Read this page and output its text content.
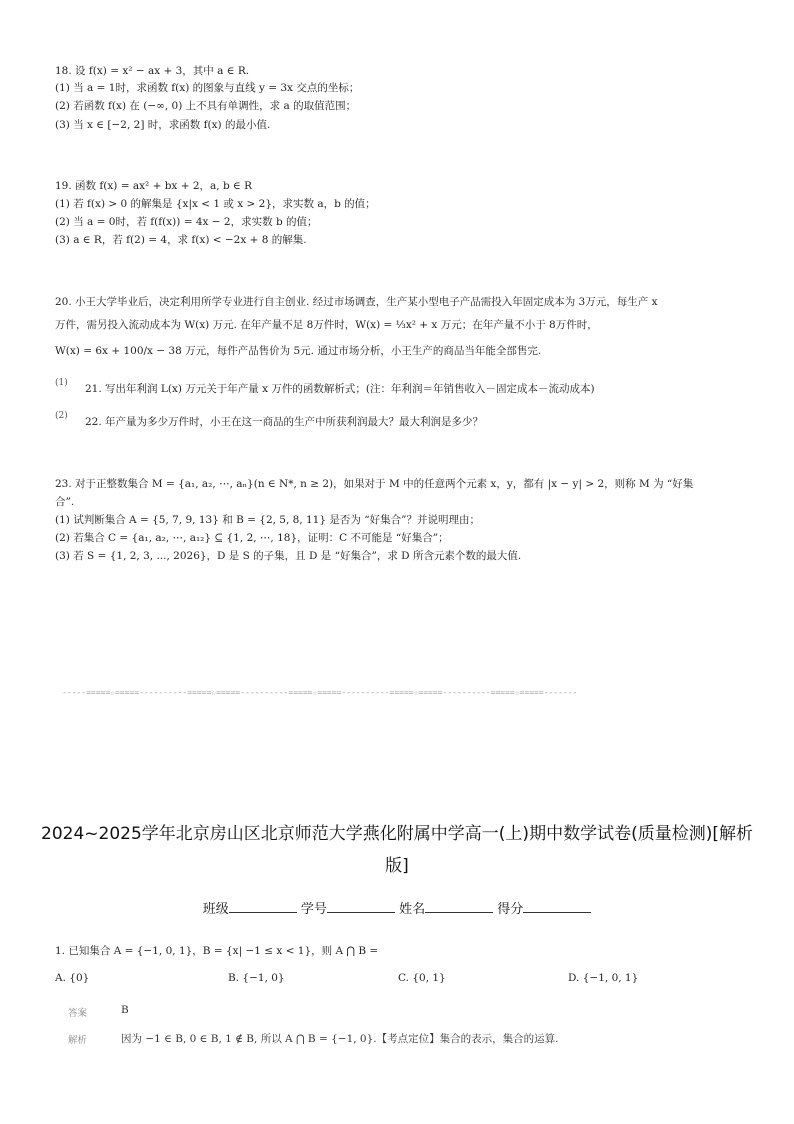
18. 设 f(x) = x² − ax + 3，其中 a ∈ R.
(1) 当 a = 1时，求函数 f(x) 的图象与直线 y = 3x 交点的坐标；
(2) 若函数 f(x) 在 (−∞, 0) 上不具有单调性，求 a 的取值范围；
(3) 当 x ∈ [−2, 2] 时，求函数 f(x) 的最小值.
19. 函数 f(x) = ax² + bx + 2，a, b ∈ R
(1) 若 f(x) > 0 的解集是 {x|x < 1 或 x > 2}，求实数 a，b 的值；
(2) 当 a = 0时，若 f(f(x)) = 4x − 2，求实数 b 的值；
(3) a ∈ R，若 f(2) = 4，求 f(x) < −2x + 8 的解集.
20. 小王大学毕业后，决定利用所学专业进行自主创业. 经过市场调查，生产某小型电子产品需投入年固定成本为 3万元，每生产 x
万件，需另投入流动成本为 W(x) 万元. 在年产量不足 8万件时，W(x) = ⅓x² + x 万元；在年产量不小于 8万件时，
W(x) = 6x + 100/x − 38 万元，每件产品售价为 5元. 通过市场分析，小王生产的商品当年能全部售完.
(1) 21. 写出年利润 L(x) 万元关于年产量 x 万件的函数解析式；(注：年利润＝年销售收入－固定成本－流动成本)
(2) 22. 年产量为多少万件时，小王在这一商品的生产中所获利润最大？最大利润是多少？
23. 对于正整数集合 M = {a₁, a₂, ⋯, aₙ}(n ∈ N*, n ≥ 2)，如果对于 M 中的任意两个元素 x，y，都有 |x − y| > 2，则称 M 为 “好集
合”.
(1) 试判断集合 A = {5, 7, 9, 13} 和 B = {2, 5, 8, 11} 是否为 “好集合”？并说明理由；
(2) 若集合 C = {a₁, a₂, ⋯, a₁₂} ⊆ {1, 2, ⋯, 18}，证明：C 不可能是 “好集合”；
(3) 若 S = {1, 2, 3, ..., 2026}，D 是 S 的子集，且 D 是 “好集合”，求 D 所含元素个数的最大值.
-----=====☆=====----------=====☆=====----------=====☆=====----------=====☆=====----------=====☆=====-------
2024~2025学年北京房山区北京师范大学燕化附属中学高一(上)期中数学试卷(质量检测)[解析
版]
班级	学号	姓名	得分
1. 已知集合 A = {−1, 0, 1}，B = {x| −1 ≤ x < 1}，则 A ⋂ B =
A. {0}	B. {−1, 0}	C. {0, 1}	D. {−1, 0, 1}
答案	B
解析	因为 −1 ∈ B, 0 ∈ B, 1 ∉ B, 所以 A ⋂ B = {−1, 0}.【考点定位】集合的表示，集合的运算.
